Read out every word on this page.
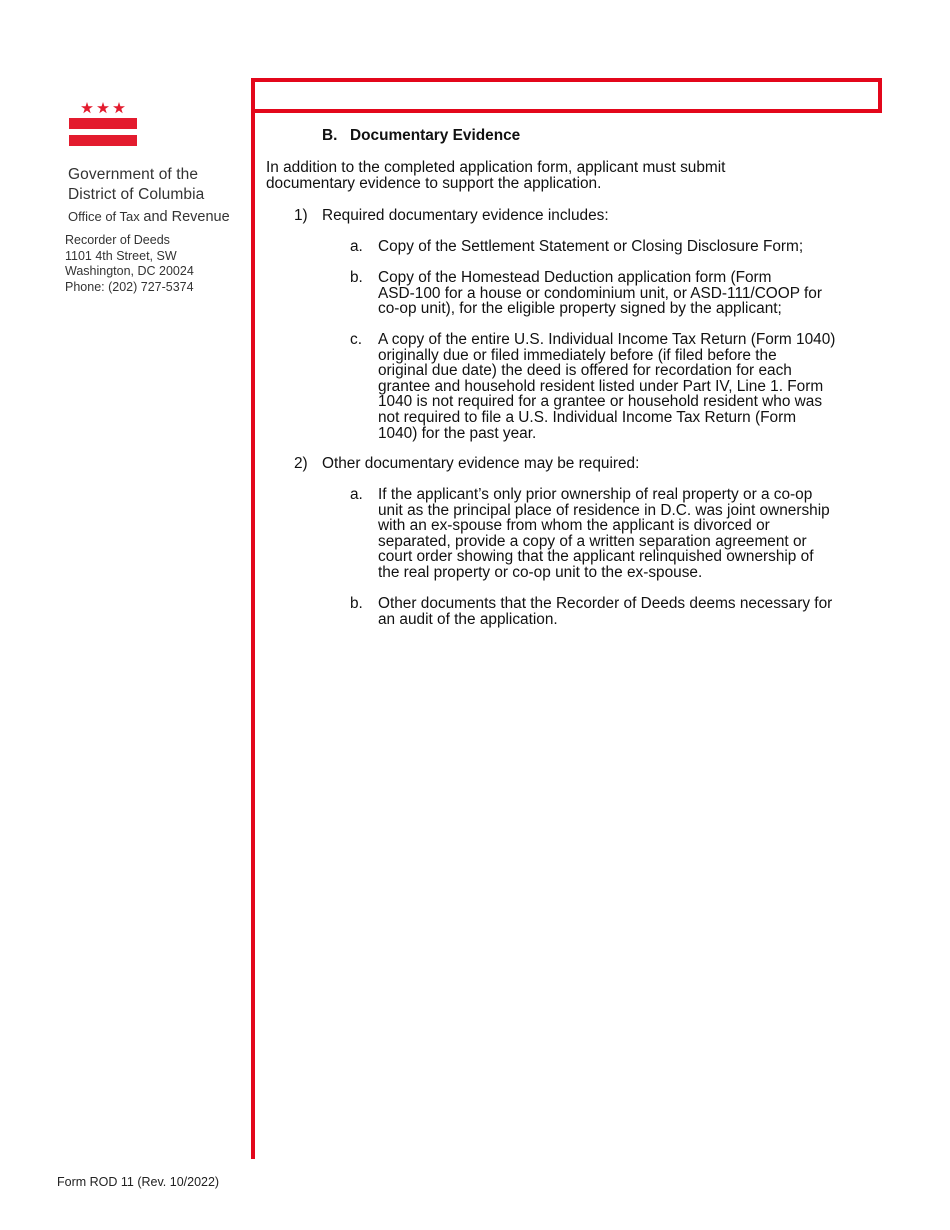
Government of the
District of Columbia
Office of Tax and Revenue
Recorder of Deeds
1101 4th Street, SW
Washington, DC 20024
Phone: (202) 727-5374
B. Documentary Evidence
In addition to the completed application form, applicant must submit
documentary evidence to support the application.
1) Required documentary evidence includes:
a. Copy of the Settlement Statement or Closing Disclosure Form;
b. Copy of the Homestead Deduction application form (Form
ASD-100 for a house or condominium unit, or ASD-111/COOP for
co-op unit), for the eligible property signed by the applicant;
c. A copy of the entire U.S. Individual Income Tax Return (Form 1040)
originally due or filed immediately before (if filed before the
original due date) the deed is offered for recordation for each
grantee and household resident listed under Part IV, Line 1. Form
1040 is not required for a grantee or household resident who was
not required to file a U.S. Individual Income Tax Return (Form
1040) for the past year.
2) Other documentary evidence may be required:
a. If the applicant’s only prior ownership of real property or a co-op
unit as the principal place of residence in D.C. was joint ownership
with an ex-spouse from whom the applicant is divorced or
separated, provide a copy of a written separation agreement or
court order showing that the applicant relinquished ownership of
the real property or co-op unit to the ex-spouse.
b. Other documents that the Recorder of Deeds deems necessary for
an audit of the application.
Form ROD 11 (Rev. 10/2022)
